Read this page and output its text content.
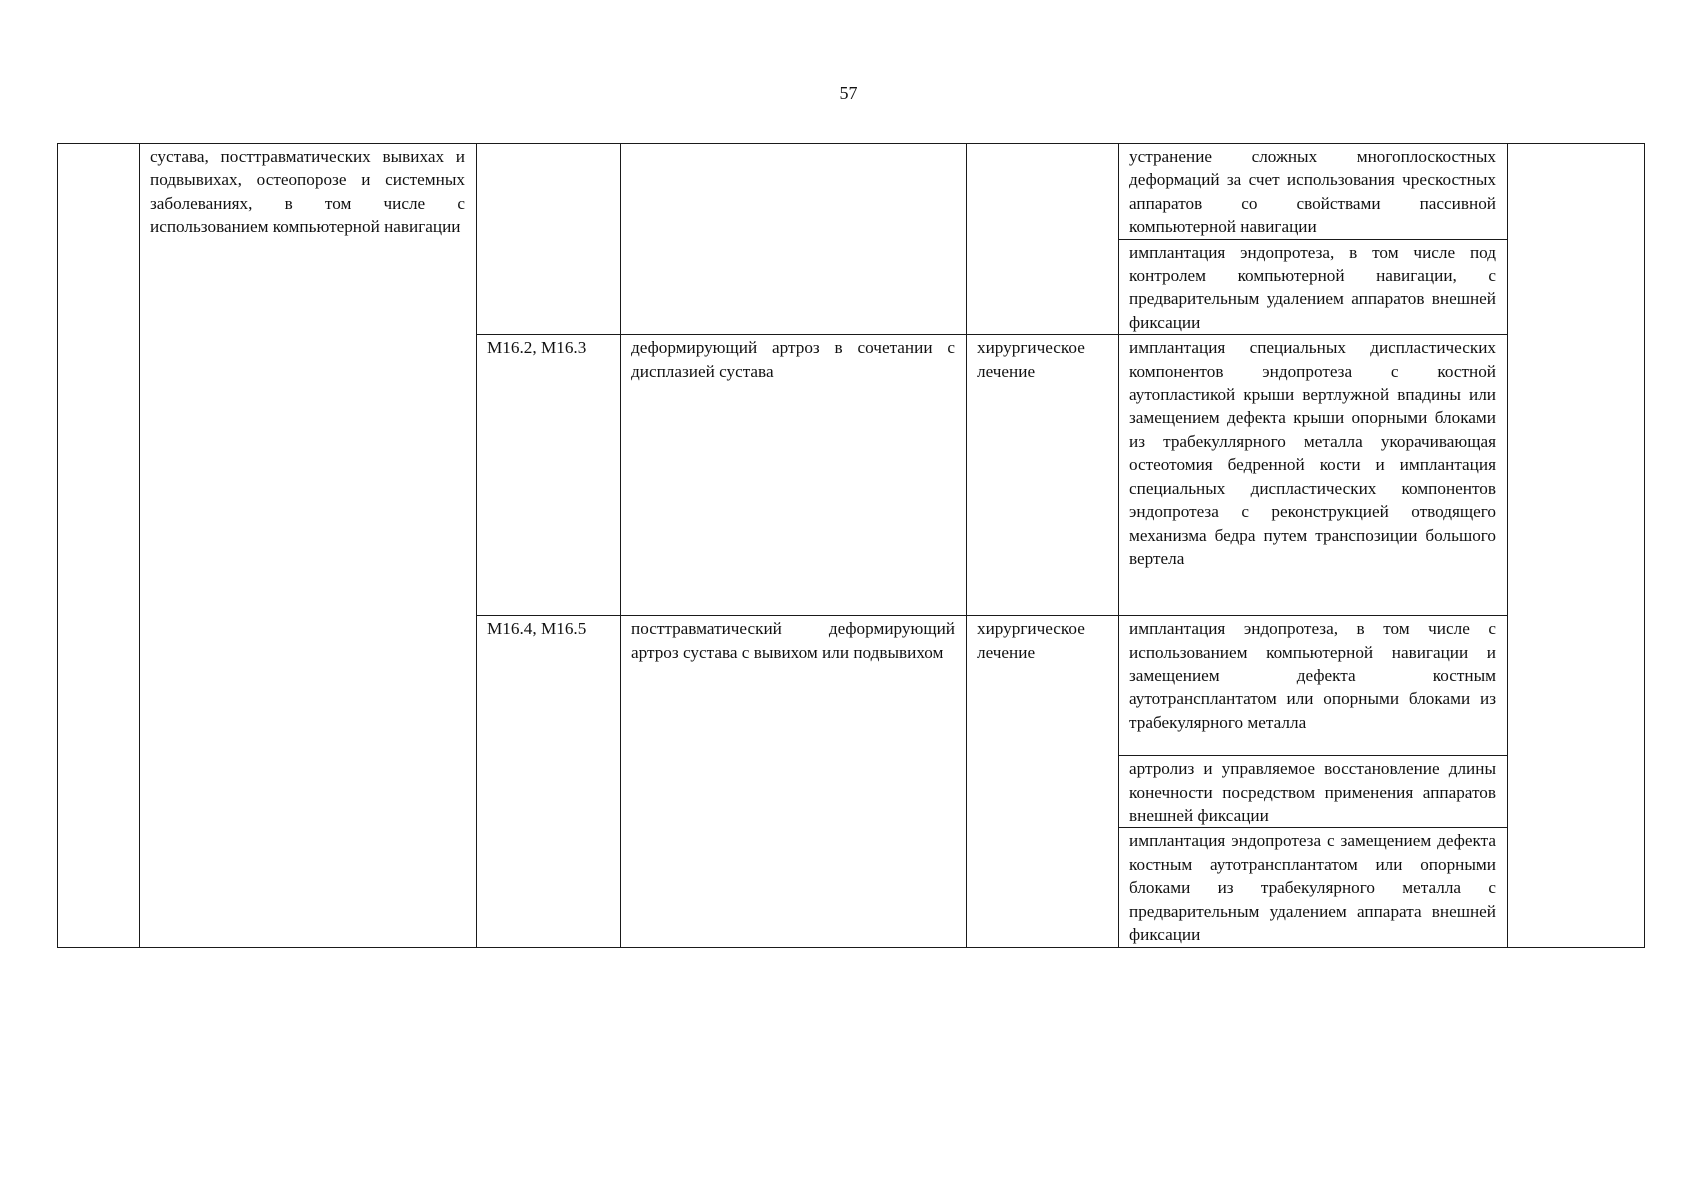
57

	сустава, посттравматических вывихах и подвывихах, остеопорозе и системных заболеваниях, в том числе с использованием компьютерной навигации				устранение сложных многоплоскостных деформаций за счет использования чрескостных аппаратов со свойствами пассивной компьютерной навигации	

					имплантация эндопротеза, в том числе под контролем компьютерной навигации, с предварительным удалением аппаратов внешней фиксации	

		M16.2, M16.3	деформирующий артроз в сочетании с дисплазией сустава	хирургическое лечение	имплантация специальных диспластических компонентов эндопротеза с костной аутопластикой крыши вертлужной впадины или замещением дефекта крыши опорными блоками из трабекуллярного металла укорачивающая остеотомия бедренной кости и имплантация специальных диспластических компонентов эндопротеза с реконструкцией отводящего механизма бедра путем транспозиции большого вертела	

		M16.4, M16.5	посттравматический деформирующий артроз сустава с вывихом или подвывихом	хирургическое лечение	имплантация эндопротеза, в том числе с использованием компьютерной навигации и замещением дефекта костным аутотрансплантатом или опорными блоками из трабекулярного металла	

					артролиз и управляемое восстановление длины конечности посредством применения аппаратов внешней фиксации	

					имплантация эндопротеза с замещением дефекта костным аутотрансплантатом или опорными блоками из трабекулярного металла с предварительным удалением аппарата внешней фиксации	
